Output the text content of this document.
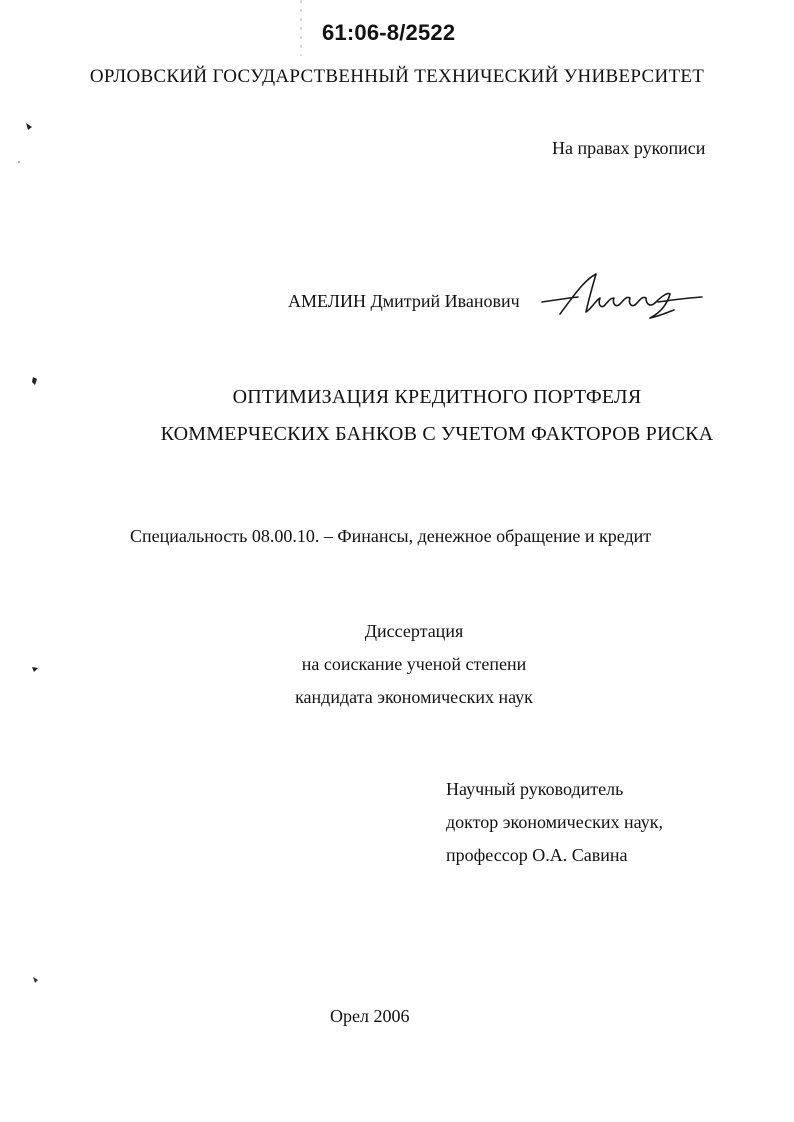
61:06-8/2522
ОРЛОВСКИЙ ГОСУДАРСТВЕННЫЙ ТЕХНИЧЕСКИЙ УНИВЕРСИТЕТ
На правах рукописи
АМЕЛИН Дмитрий Иванович
ОПТИМИЗАЦИЯ КРЕДИТНОГО ПОРТФЕЛЯ
КОММЕРЧЕСКИХ БАНКОВ С УЧЕТОМ ФАКТОРОВ РИСКА
Специальность 08.00.10. – Финансы, денежное обращение и кредит
Диссертация
на соискание ученой степени
кандидата экономических наук
Научный руководитель
доктор экономических наук,
профессор О.А. Савина
Орел 2006
